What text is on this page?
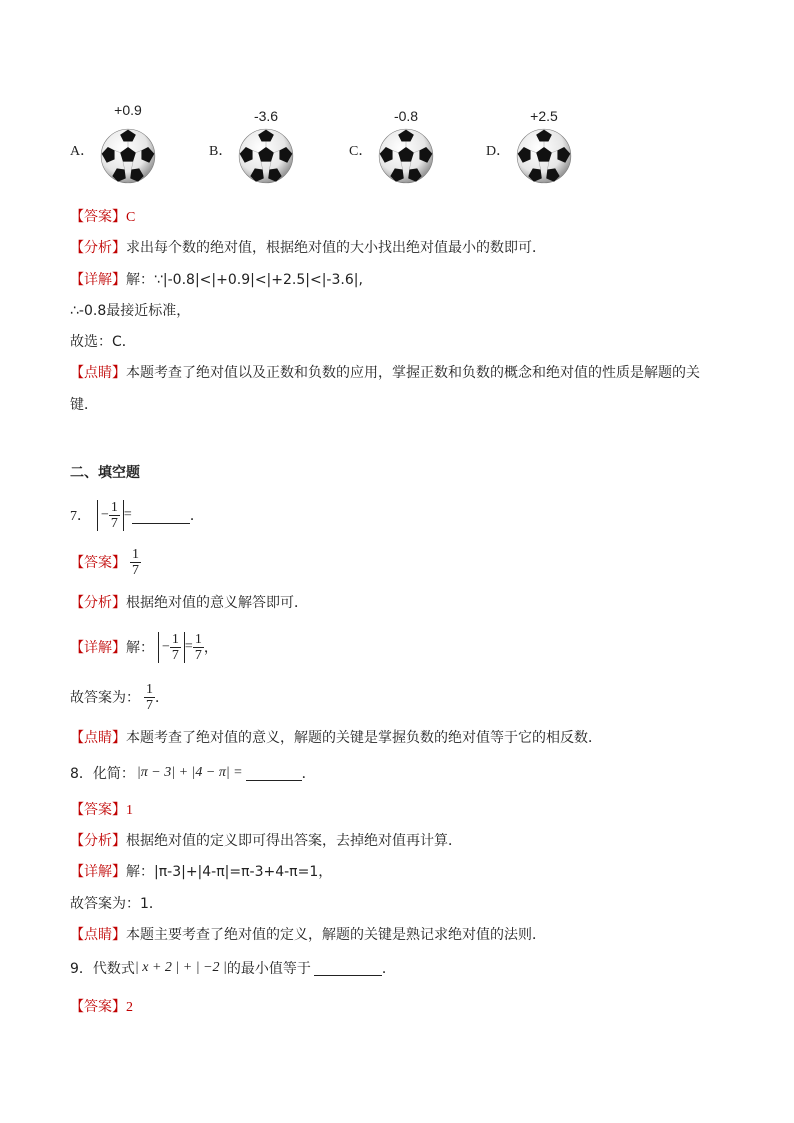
A．
+0.9
B．
-3.6
C．
-0.8
D．
+2.5
【答案】C
【分析】求出每个数的绝对值，根据绝对值的大小找出绝对值最小的数即可．
【详解】解：∵|-0.8|<|+0.9|<|+2.5|<|-3.6|,
∴-0.8最接近标准，
故选：C．
【点睛】本题考查了绝对值以及正数和负数的应用，掌握正数和负数的概念和绝对值的性质是解题的关
键．
二、填空题
7． − $\frac{1}{7}$ =	．
【答案】 $\frac{1}{7}$
【分析】根据绝对值的意义解答即可．
【详解】 解： − $\frac{1}{7} = \frac{1}{7}$ ，
故答案为： $\frac{1}{7}$ ．
【点睛】本题考查了绝对值的意义，解题的关键是掌握负数的绝对值等于它的相反数．
8．化简： |π − 3| + |4 − π| =	．
【答案】1
【分析】根据绝对值的定义即可得出答案，去掉绝对值再计算．
【详解】解：|π-3|+|4-π|=π-3+4-π=1，
故答案为：1．
【点睛】本题主要考查了绝对值的定义，解题的关键是熟记求绝对值的法则．
9．代数式 | x + 2 | + | −2 | 的最小值等于	．
【答案】2
